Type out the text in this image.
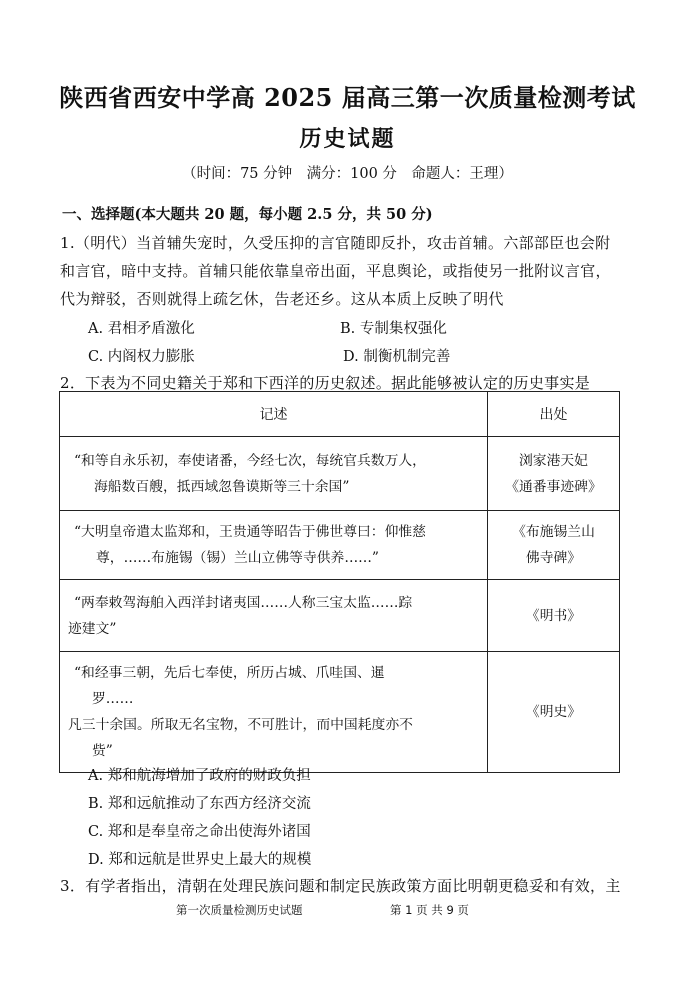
陕西省西安中学高 2025 届高三第一次质量检测考试
历史试题
（时间：75 分钟　满分：100 分　命题人：王理）
一、选择题(本大题共 20 题，每小题 2.5 分，共 50 分)
1.（明代）当首辅失宠时，久受压抑的言官随即反扑，攻击首辅。六部部臣也会附
和言官，暗中支持。首辅只能依靠皇帝出面，平息舆论，或指使另一批附议言官，
代为辩驳，否则就得上疏乞休，告老还乡。这从本质上反映了明代
A. 君相矛盾激化	B. 专制集权强化
C. 内阁权力膨胀	D. 制衡机制完善
2．下表为不同史籍关于郑和下西洋的历史叙述。据此能够被认定的历史事实是
记述	出处

“和等自永乐初，奉使诸番，今经七次，每统官兵数万人，
海船数百艘，抵西域忽鲁谟斯等三十余国”	浏家港天妃
《通番事迹碑》

“大明皇帝遣太监郑和，王贵通等昭告于佛世尊曰：仰惟慈
尊，……布施锡（锡）兰山立佛等寺供养……”	《布施锡兰山
佛寺碑》

“两奉敕驾海舶入西洋封诸夷国……人称三宝太监……踪
迹建文”	《明书》

“和经事三朝，先后七奉使，所历占城、爪哇国、暹
罗……
凡三十余国。所取无名宝物，不可胜计，而中国耗度亦不
赀”	《明史》
A. 郑和航海增加了政府的财政负担
B. 郑和远航推动了东西方经济交流
C. 郑和是奉皇帝之命出使海外诸国
D. 郑和远航是世界史上最大的规模
3．有学者指出，清朝在处理民族问题和制定民族政策方面比明朝更稳妥和有效，主
第一次质量检测历史试题	第 1 页 共 9 页
